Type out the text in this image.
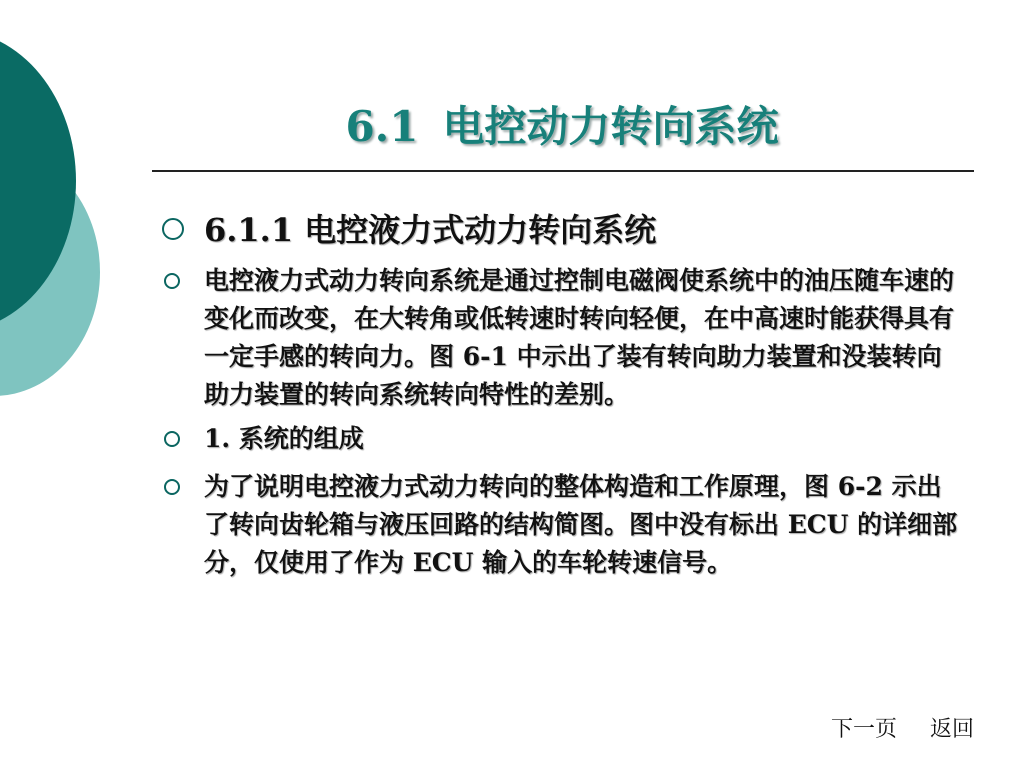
6.1 电控动力转向系统
6.1.1 电控液力式动力转向系统
电控液力式动力转向系统是通过控制电磁阀使系统中的油压随车速的变化而改变，在大转角或低转速时转向轻便，在中高速时能获得具有一定手感的转向力。图 6-1 中示出了装有转向助力装置和没装转向助力装置的转向系统转向特性的差别。
1. 系统的组成
为了说明电控液力式动力转向的整体构造和工作原理，图 6-2 示出了转向齿轮箱与液压回路的结构简图。图中没有标出 ECU 的详细部分，仅使用了作为 ECU 输入的车轮转速信号。
下一页 返回
